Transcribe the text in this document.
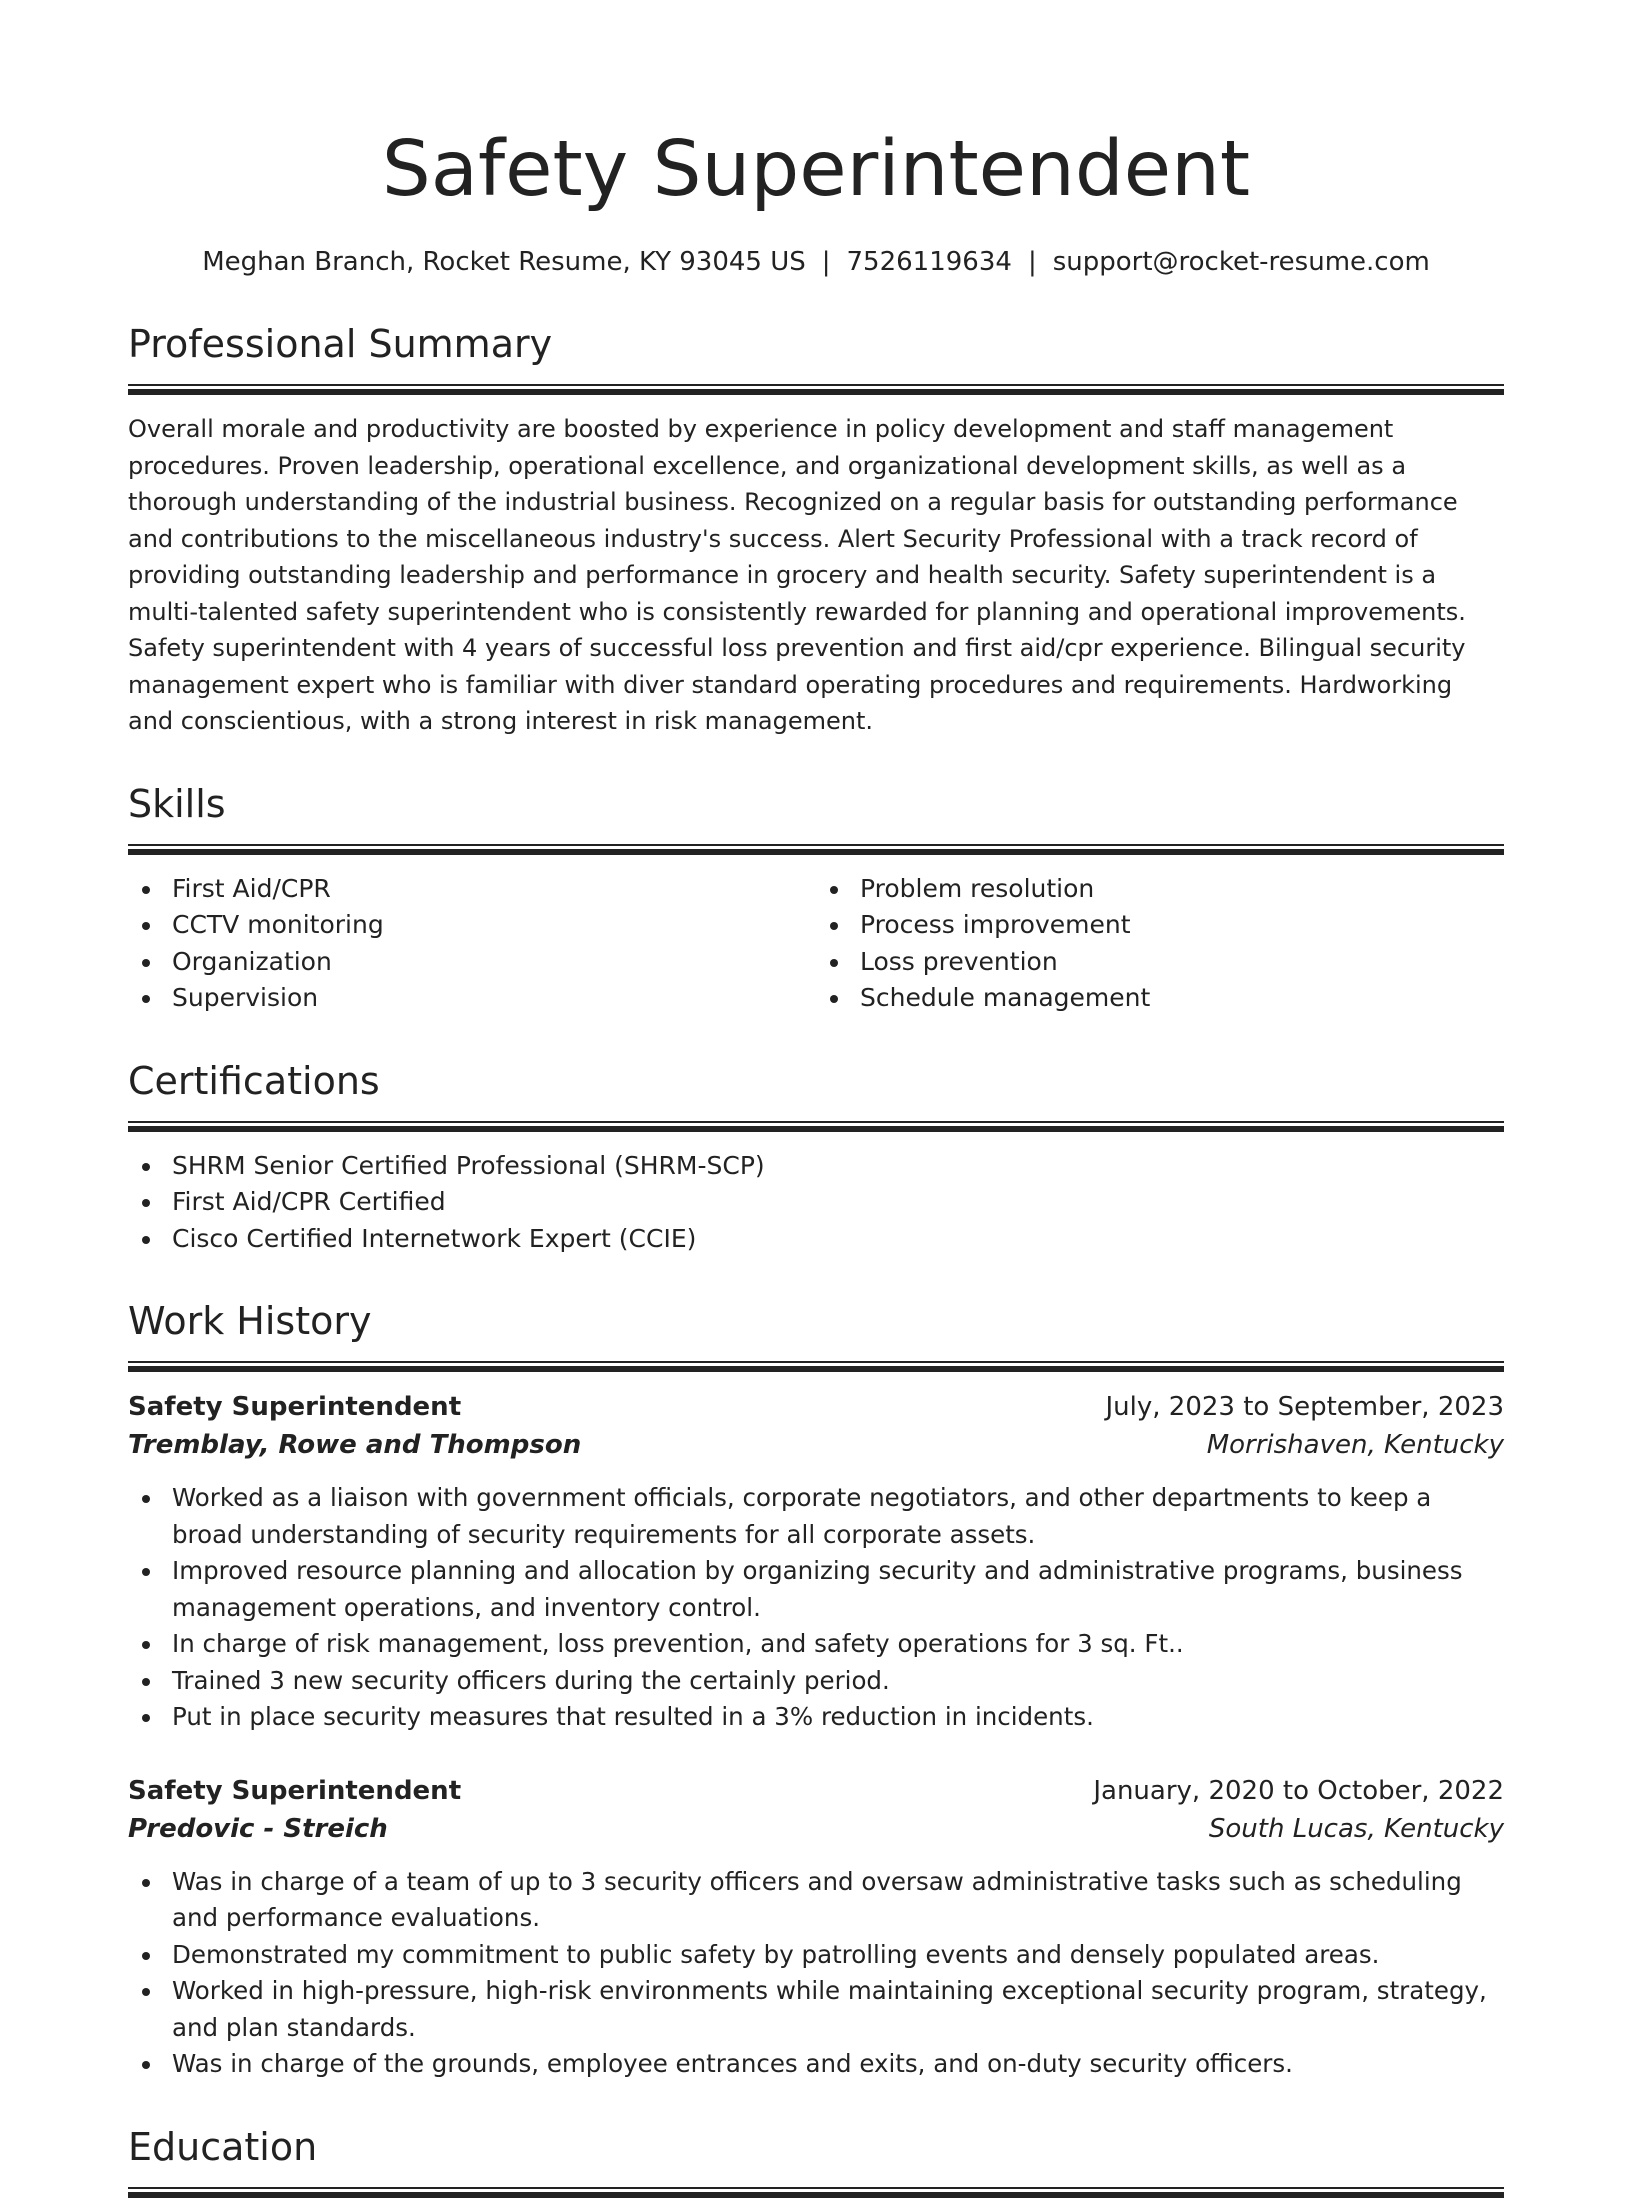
Safety Superintendent
Meghan Branch, Rocket Resume, KY 93045 US | 7526119634 | support@rocket-resume.com
Professional Summary

Overall morale and productivity are boosted by experience in policy development and staff management procedures. Proven leadership, operational excellence, and organizational development skills, as well as a thorough understanding of the industrial business. Recognized on a regular basis for outstanding performance and contributions to the miscellaneous industry's success. Alert Security Professional with a track record of providing outstanding leadership and performance in grocery and health security. Safety superintendent is a multi-talented safety superintendent who is consistently rewarded for planning and operational improvements. Safety superintendent with 4 years of successful loss prevention and first aid/cpr experience. Bilingual security management expert who is familiar with diver standard operating procedures and requirements. Hardworking and conscientious, with a strong interest in risk management.

Skills
First Aid/CPR
CCTV monitoring
Organization
Supervision
Problem resolution
Process improvement
Loss prevention
Schedule management
Certifications
SHRM Senior Certified Professional (SHRM-SCP)
First Aid/CPR Certified
Cisco Certified Internetwork Expert (CCIE)
Work History
Safety Superintendent	July, 2023 to September, 2023
Tremblay, Rowe and Thompson	Morrishaven, Kentucky
Worked as a liaison with government officials, corporate negotiators, and other departments to keep a broad understanding of security requirements for all corporate assets.
Improved resource planning and allocation by organizing security and administrative programs, business management operations, and inventory control.
In charge of risk management, loss prevention, and safety operations for 3 sq. Ft..
Trained 3 new security officers during the certainly period.
Put in place security measures that resulted in a 3% reduction in incidents.
Safety Superintendent	January, 2020 to October, 2022
Predovic - Streich	South Lucas, Kentucky
Was in charge of a team of up to 3 security officers and oversaw administrative tasks such as scheduling and performance evaluations.
Demonstrated my commitment to public safety by patrolling events and densely populated areas.
Worked in high-pressure, high-risk environments while maintaining exceptional security program, strategy, and plan standards.
Was in charge of the grounds, employee entrances and exits, and on-duty security officers.
Education
